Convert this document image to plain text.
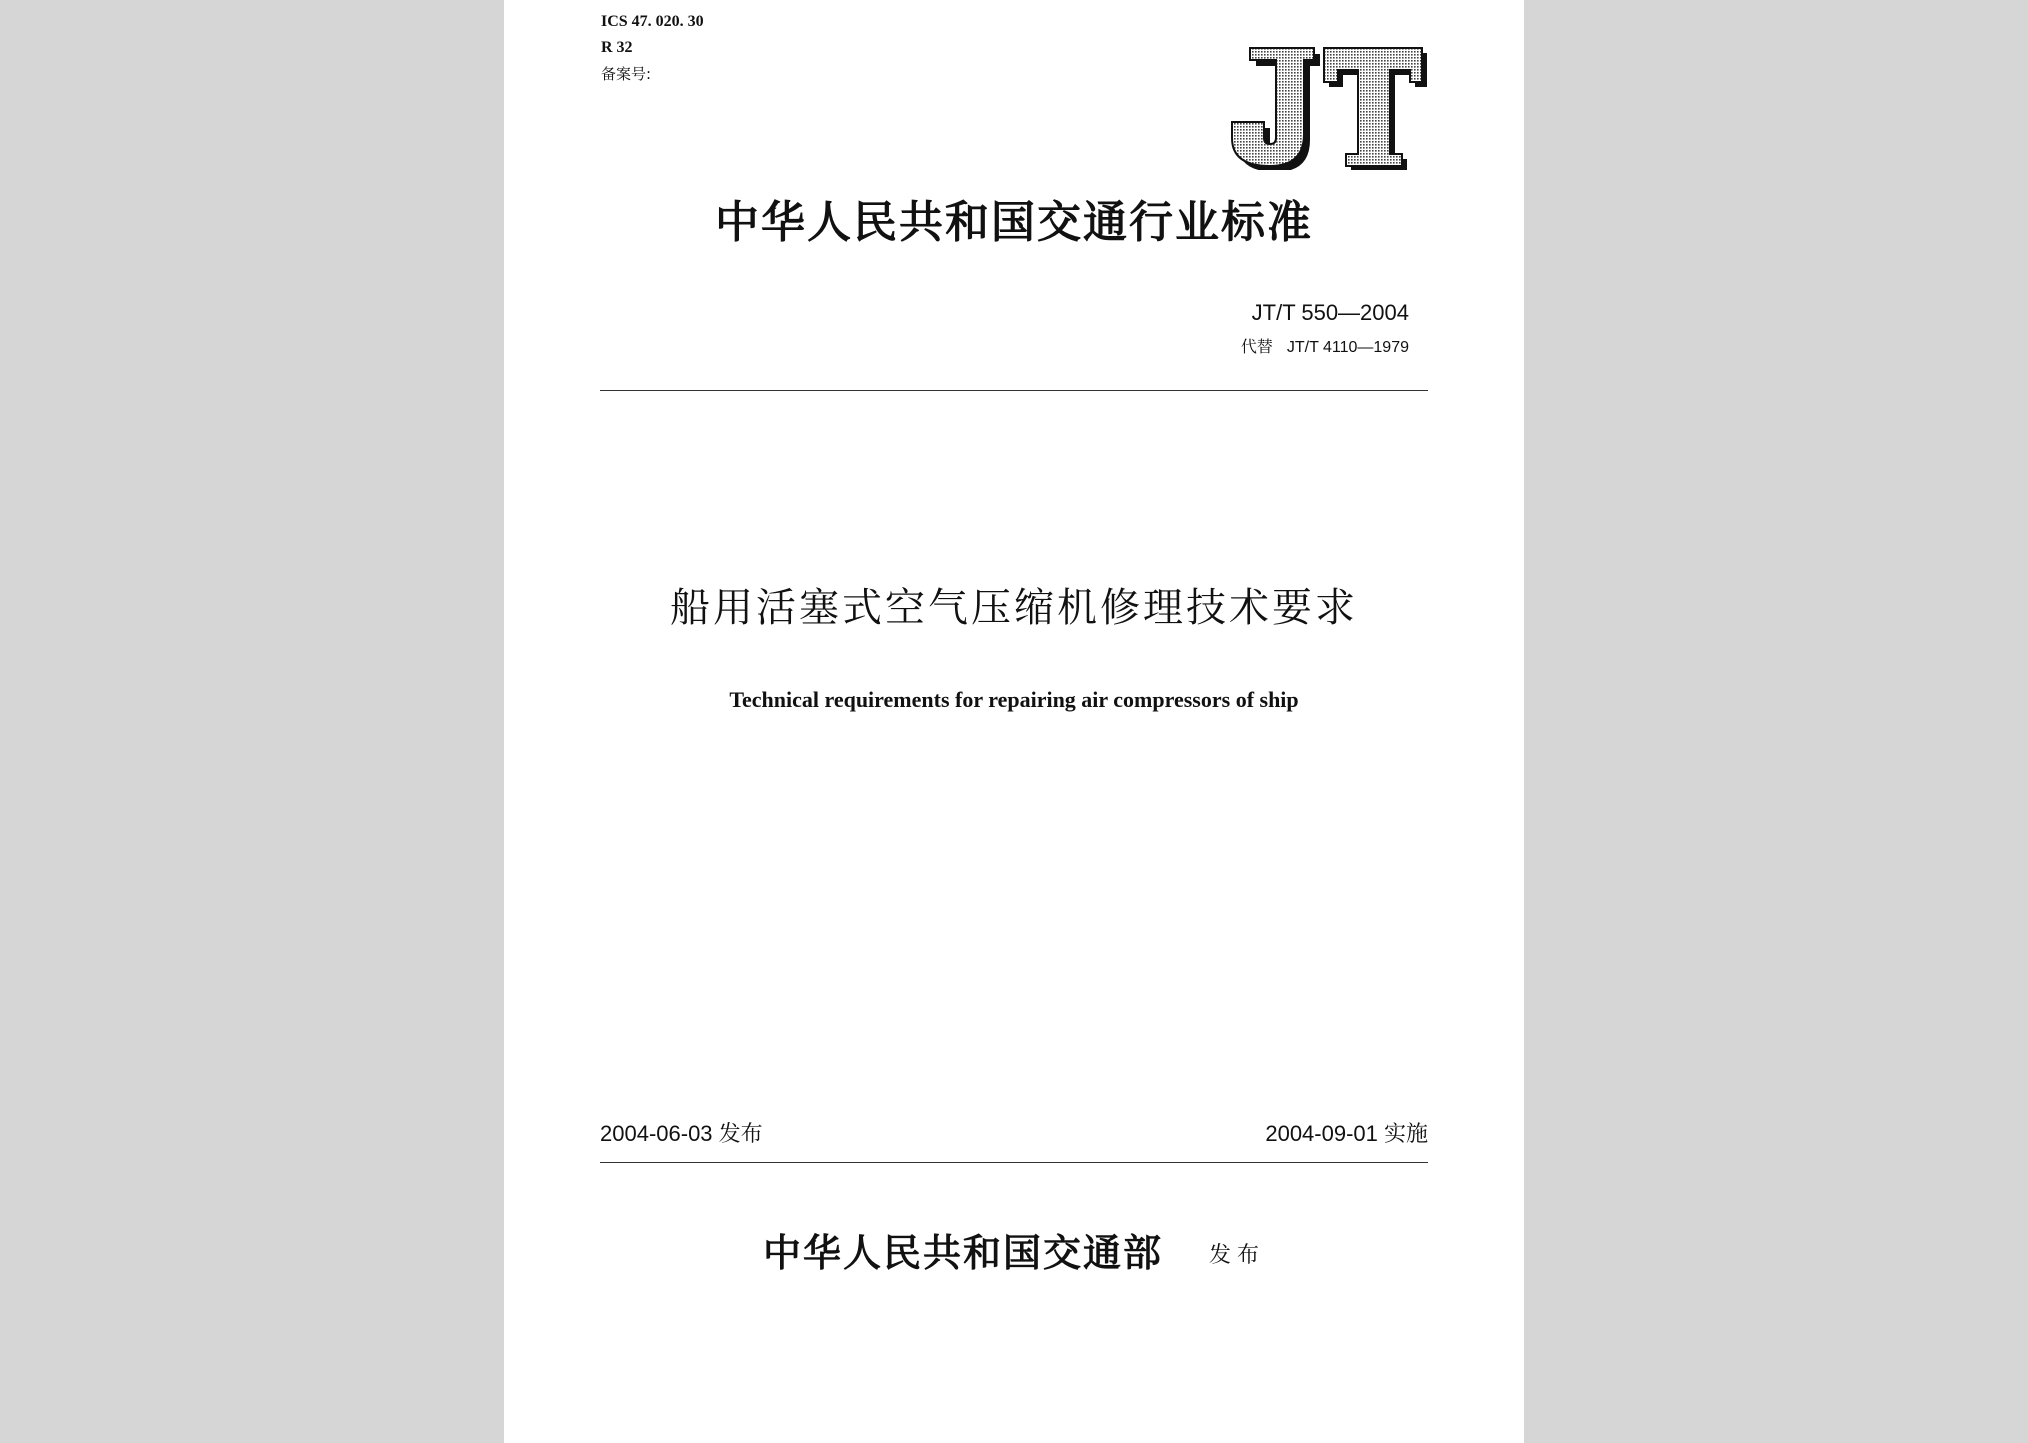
ICS 47. 020. 30
R 32
备案号:
JT
中华人民共和国交通行业标准
JT/T 550—2004
代替 JT/T 4110—1979
船用活塞式空气压缩机修理技术要求
Technical requirements for repairing air compressors of ship
2004-06-03 发布	2004-09-01 实施
中华人民共和国交通部 发布
